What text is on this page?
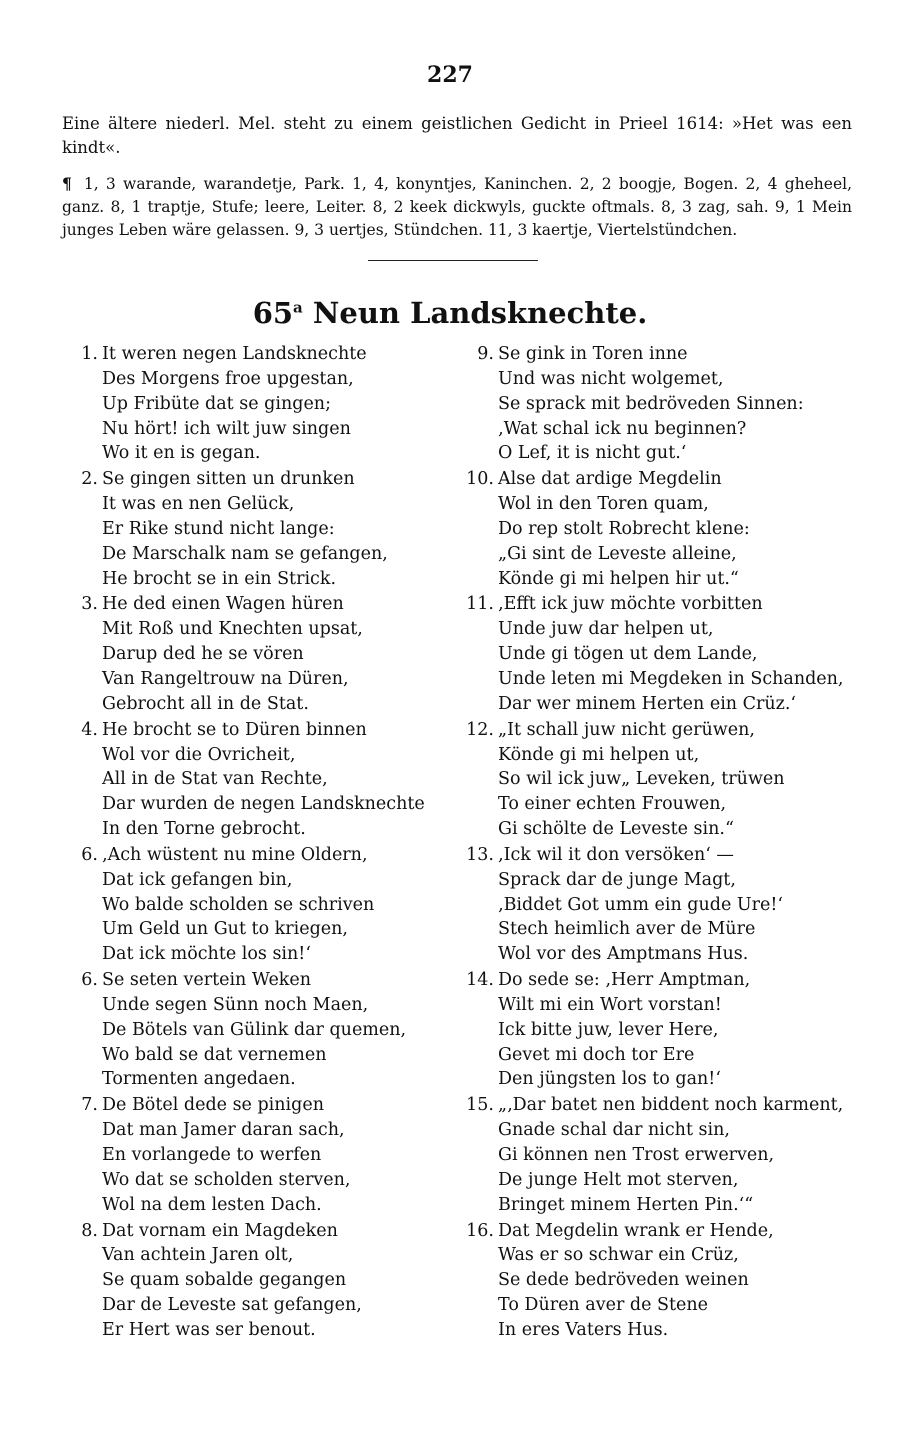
227
Eine ältere niederl. Mel. steht zu einem geistlichen Gedicht in Prieel 1614: »Het was een kindt«.
¶ 1, 3 warande, warandetje, Park. 1, 4, konyntjes, Kaninchen. 2, 2 boogje, Bogen. 2, 4 gheheel, ganz. 8, 1 traptje, Stufe; leere, Leiter. 8, 2 keek dickwyls, guckte oftmals. 8, 3 zag, sah. 9, 1 Mein junges Leben wäre gelassen. 9, 3 uertjes, Stündchen. 11, 3 kaertje, Viertelstündchen.
65$^a$ Neun Landsknechte.
1. It weren negen Landsknechte
Des Morgens froe upgestan,
Up Fribüte dat se gingen;
Nu hört! ich wilt juw singen
Wo it en is gegan.
2. Se gingen sitten un drunken
It was en nen Gelück,
Er Rike stund nicht lange:
De Marschalk nam se gefangen,
He brocht se in ein Strick.
3. He ded einen Wagen hüren
Mit Roß und Knechten upsat,
Darup ded he se vören
Van Rangeltrouw na Düren,
Gebrocht all in de Stat.
4. He brocht se to Düren binnen
Wol vor die Ovricheit,
All in de Stat van Rechte,
Dar wurden de negen Landsknechte
In den Torne gebrocht.
6. ‚Ach wüstent nu mine Oldern,
Dat ick gefangen bin,
Wo balde scholden se schriven
Um Geld un Gut to kriegen,
Dat ick möchte los sin!‘
6. Se seten vertein Weken
Unde segen Sünn noch Maen,
De Bötels van Gülink dar quemen,
Wo bald se dat vernemen
Tormenten angedaen.
7. De Bötel dede se pinigen
Dat man Jamer daran sach,
En vorlangede to werfen
Wo dat se scholden sterven,
Wol na dem lesten Dach.
8. Dat vornam ein Magdeken
Van achtein Jaren olt,
Se quam sobalde gegangen
Dar de Leveste sat gefangen,
Er Hert was ser benout.
9. Se gink in Toren inne
Und was nicht wolgemet,
Se sprack mit bedröveden Sinnen:
‚Wat schal ick nu beginnen?
O Lef, it is nicht gut.‘
10. Alse dat ardige Megdelin
Wol in den Toren quam,
Do rep stolt Robrecht klene:
„Gi sint de Leveste alleine,
Könde gi mi helpen hir ut.“
11. ‚Efft ick juw möchte vorbitten
Unde juw dar helpen ut,
Unde gi tögen ut dem Lande,
Unde leten mi Megdeken in Schanden,
Dar wer minem Herten ein Crüz.‘
12. „It schall juw nicht gerüwen,
Könde gi mi helpen ut,
So wil ick juw„ Leveken, trüwen
To einer echten Frouwen,
Gi schölte de Leveste sin.“
13. ‚Ick wil it don versöken‘ —
Sprack dar de junge Magt,
‚Biddet Got umm ein gude Ure!‘
Stech heimlich aver de Müre
Wol vor des Amptmans Hus.
14. Do sede se: ‚Herr Amptman,
Wilt mi ein Wort vorstan!
Ick bitte juw, lever Here,
Gevet mi doch tor Ere
Den jüngsten los to gan!‘
15. „‚Dar batet nen biddent noch karment,
Gnade schal dar nicht sin,
Gi können nen Trost erwerven,
De junge Helt mot sterven,
Bringet minem Herten Pin.‘“
16. Dat Megdelin wrank er Hende,
Was er so schwar ein Crüz,
Se dede bedröveden weinen
To Düren aver de Stene
In eres Vaters Hus.
